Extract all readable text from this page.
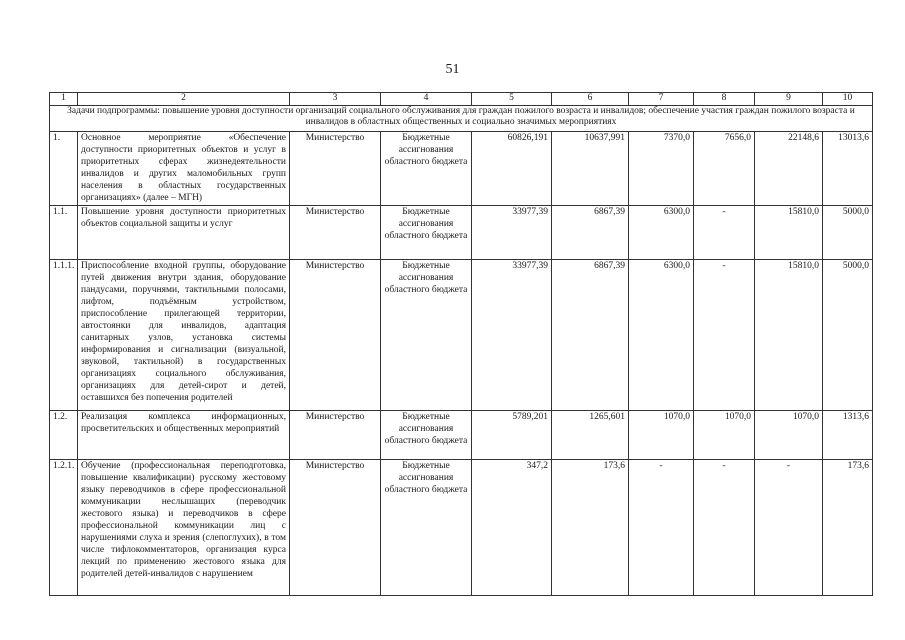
51
1	2	3	4	5	6	7	8	9	10
Задачи подпрограммы: повышение уровня доступности организаций социального обслуживания для граждан пожилого возраста и инвалидов; обеспечение участия граждан пожилого возраста и инвалидов в областных общественных и социально значимых мероприятиях									
1.	Основное мероприятие «Обеспечение доступности приоритетных объектов и услуг в приоритетных сферах жизнедеятельности инвалидов и других маломобильных групп населения в областных государственных организациях» (далее – МГН)	Министерство	Бюджетные ассигнования областного бюджета	60826,191	10637,991	7370,0	7656,0	22148,6	13013,6
1.1.	Повышение уровня доступности приоритетных объектов социальной защиты и услуг	Министерство	Бюджетные ассигнования областного бюджета	33977,39	6867,39	6300,0	-	15810,0	5000,0
1.1.1.	Приспособление входной группы, оборудование путей движения внутри здания, оборудование пандусами, поручнями, тактильными полосами, лифтом, подъёмным устройством, приспособление прилегающей территории, автостоянки для инвалидов, адаптация санитарных узлов, установка системы информирования и сигнализации (визуальной, звуковой, тактильной) в государственных организациях социального обслуживания, организациях для детей-сирот и детей, оставшихся без попечения родителей	Министерство	Бюджетные ассигнования областного бюджета	33977,39	6867,39	6300,0	-	15810,0	5000,0
1.2.	Реализация комплекса информационных, просветительских и общественных мероприятий	Министерство	Бюджетные ассигнования областного бюджета	5789,201	1265,601	1070,0	1070,0	1070,0	1313,6
1.2.1.	Обучение (профессиональная переподготовка, повышение квалификации) русскому жестовому языку переводчиков в сфере профессиональной коммуникации неслышащих (переводчик жестового языка) и переводчиков в сфере профессиональной коммуникации лиц с нарушениями слуха и зрения (слепоглухих), в том числе тифлокомментаторов, организация курса лекций по применению жестового языка для родителей детей-инвалидов с нарушением	Министерство	Бюджетные ассигнования областного бюджета	347,2	173,6	-	-	-	173,6
